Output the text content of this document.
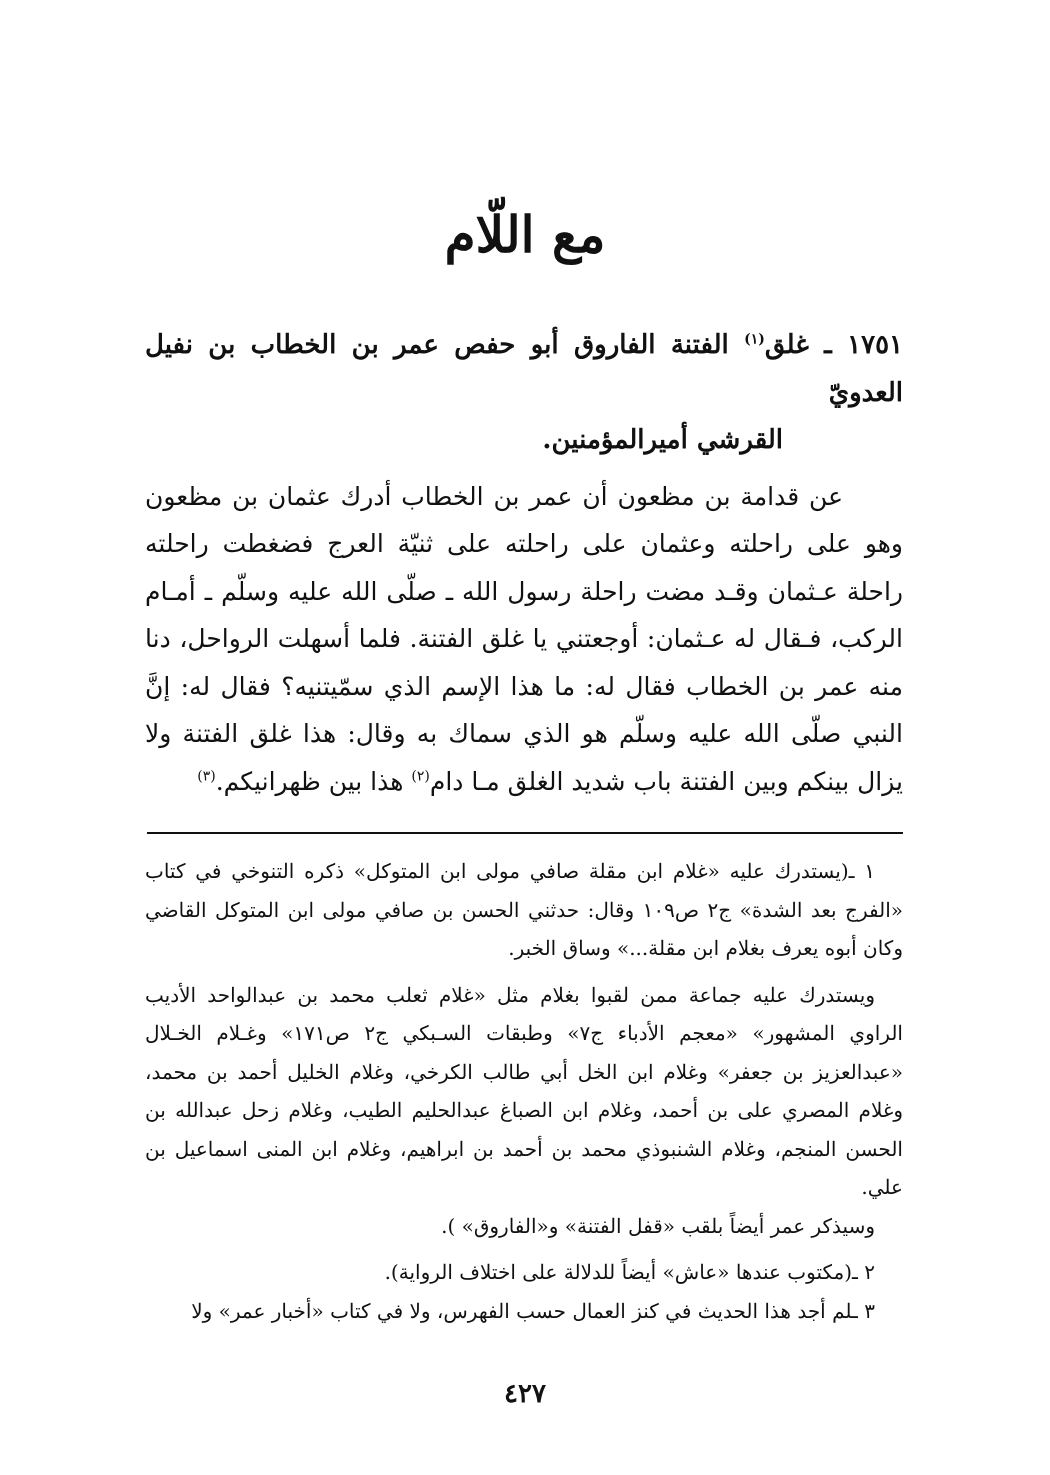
مع اللّام

١٧٥١ ـ غلق$^{(١)}$ الفتنة الفاروق أبو حفص عمر بن الخطاب بن نفيل العدويّ
القرشي أميرالمؤمنين.

عن قدامة بن مظعون أن عمر بن الخطاب أدرك عثمان بن مظعون وهو على راحلته وعثمان على راحلته على ثنيّة العرج فضغطت راحلته راحلة عـثمان وقـد مضت راحلة رسول الله ـ صلّى الله عليه وسلّم ـ أمـام الركب، فـقال له عـثمان: أوجعتني يا غلق الفتنة. فلما أسهلت الرواحل، دنا منه عمر بن الخطاب فقال له: ما هذا الإسم الذي سمّيتنيه؟ فقال له: إنَّ النبي صلّى الله عليه وسلّم هو الذي سماك به وقال: هذا غلق الفتنة ولا يزال بينكم وبين الفتنة باب شديد الغلق مـا دام$^{(٢)}$ هذا بين ظهرانيكم.$^{(٣)}$

١ ـ(يستدرك عليه «غلام ابن مقلة صافي مولى ابن المتوكل» ذكره التنوخي في كتاب «الفرج بعد الشدة» ج٢ ص١٠٩ وقال: حدثني الحسن بن صافي مولى ابن المتوكل القاضي وكان أبوه يعرف بغلام ابن مقلة...» وساق الخبر.

ويستدرك عليه جماعة ممن لقبوا بغلام مثل «غلام ثعلب محمد بن عبدالواحد الأديب الراوي المشهور» «معجم الأدباء ج٧» وطبقات السـبكي ج٢ ص١٧١» وغـلام الخـلال «عبدالعزيز بن جعفر» وغلام ابن الخل أبي طالب الكرخي، وغلام الخليل أحمد بن محمد، وغلام المصري على بن أحمد، وغلام ابن الصباغ عبدالحليم الطيب، وغلام زحل عبدالله بن الحسن المنجم، وغلام الشنبوذي محمد بن أحمد بن ابراهيم، وغلام ابن المنى اسماعيل بن علي.

وسيذكر عمر أيضاً بلقب «قفل الفتنة» و«الفاروق» ).

٢ ـ(مكتوب عندها «عاش» أيضاً للدلالة على اختلاف الرواية).

٣ ـلم أجد هذا الحديث في كنز العمال حسب الفهرس، ولا في كتاب «أخبار عمر» ولا

٤٢٧
